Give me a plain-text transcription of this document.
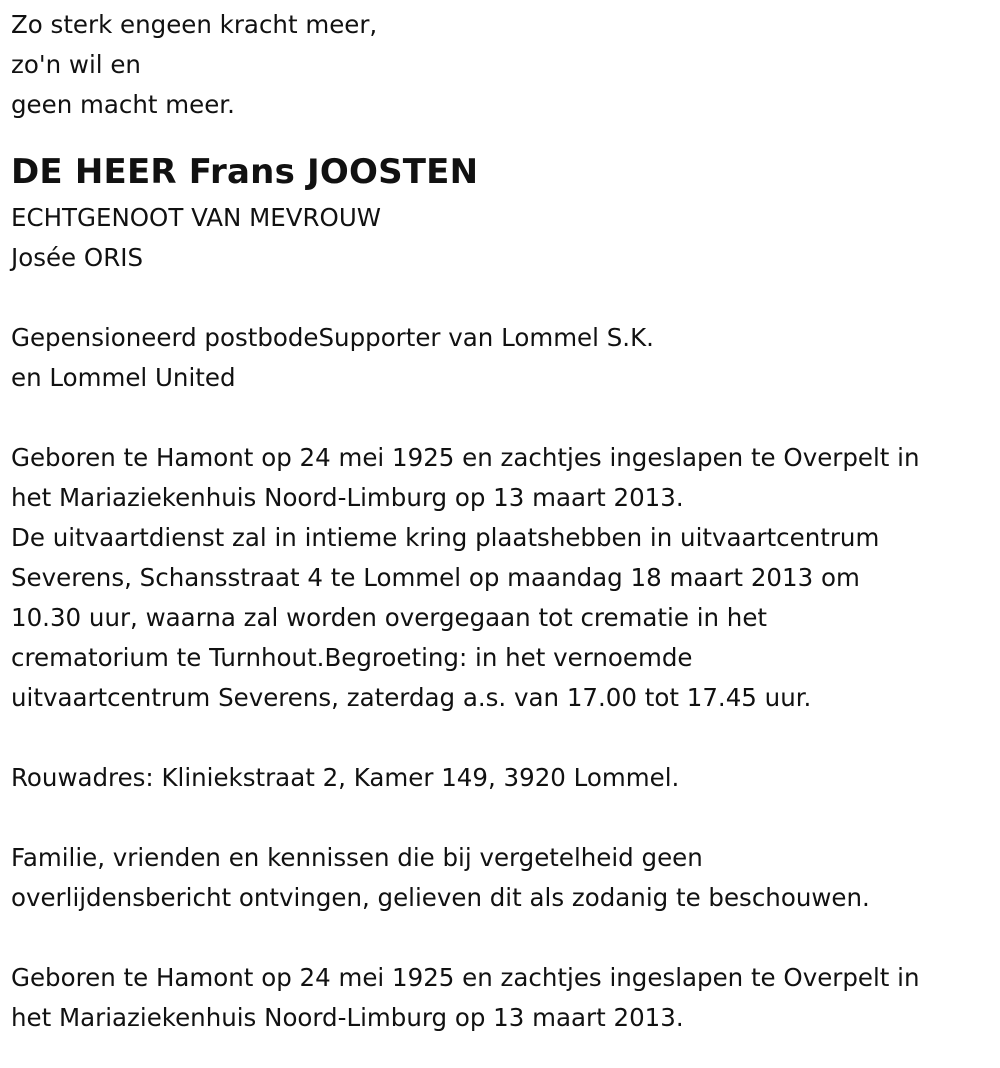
Zo sterk engeen kracht meer,

zo'n wil en

geen macht meer.

DE HEER Frans JOOSTEN

ECHTGENOOT VAN MEVROUW

Josée ORIS

Gepensioneerd postbodeSupporter van Lommel S.K.

en Lommel United

Geboren te Hamont op 24 mei 1925 en zachtjes ingeslapen te Overpelt in

het Mariaziekenhuis Noord-Limburg op 13 maart 2013.

De uitvaartdienst zal in intieme kring plaatshebben in uitvaartcentrum

Severens, Schansstraat 4 te Lommel op maandag 18 maart 2013 om

10.30 uur, waarna zal worden overgegaan tot crematie in het

crematorium te Turnhout.Begroeting: in het vernoemde

uitvaartcentrum Severens, zaterdag a.s. van 17.00 tot 17.45 uur.

Rouwadres: Kliniekstraat 2, Kamer 149, 3920 Lommel.

Familie, vrienden en kennissen die bij vergetelheid geen

overlijdensbericht ontvingen, gelieven dit als zodanig te beschouwen.

Geboren te Hamont op 24 mei 1925 en zachtjes ingeslapen te Overpelt in

het Mariaziekenhuis Noord-Limburg op 13 maart 2013.
